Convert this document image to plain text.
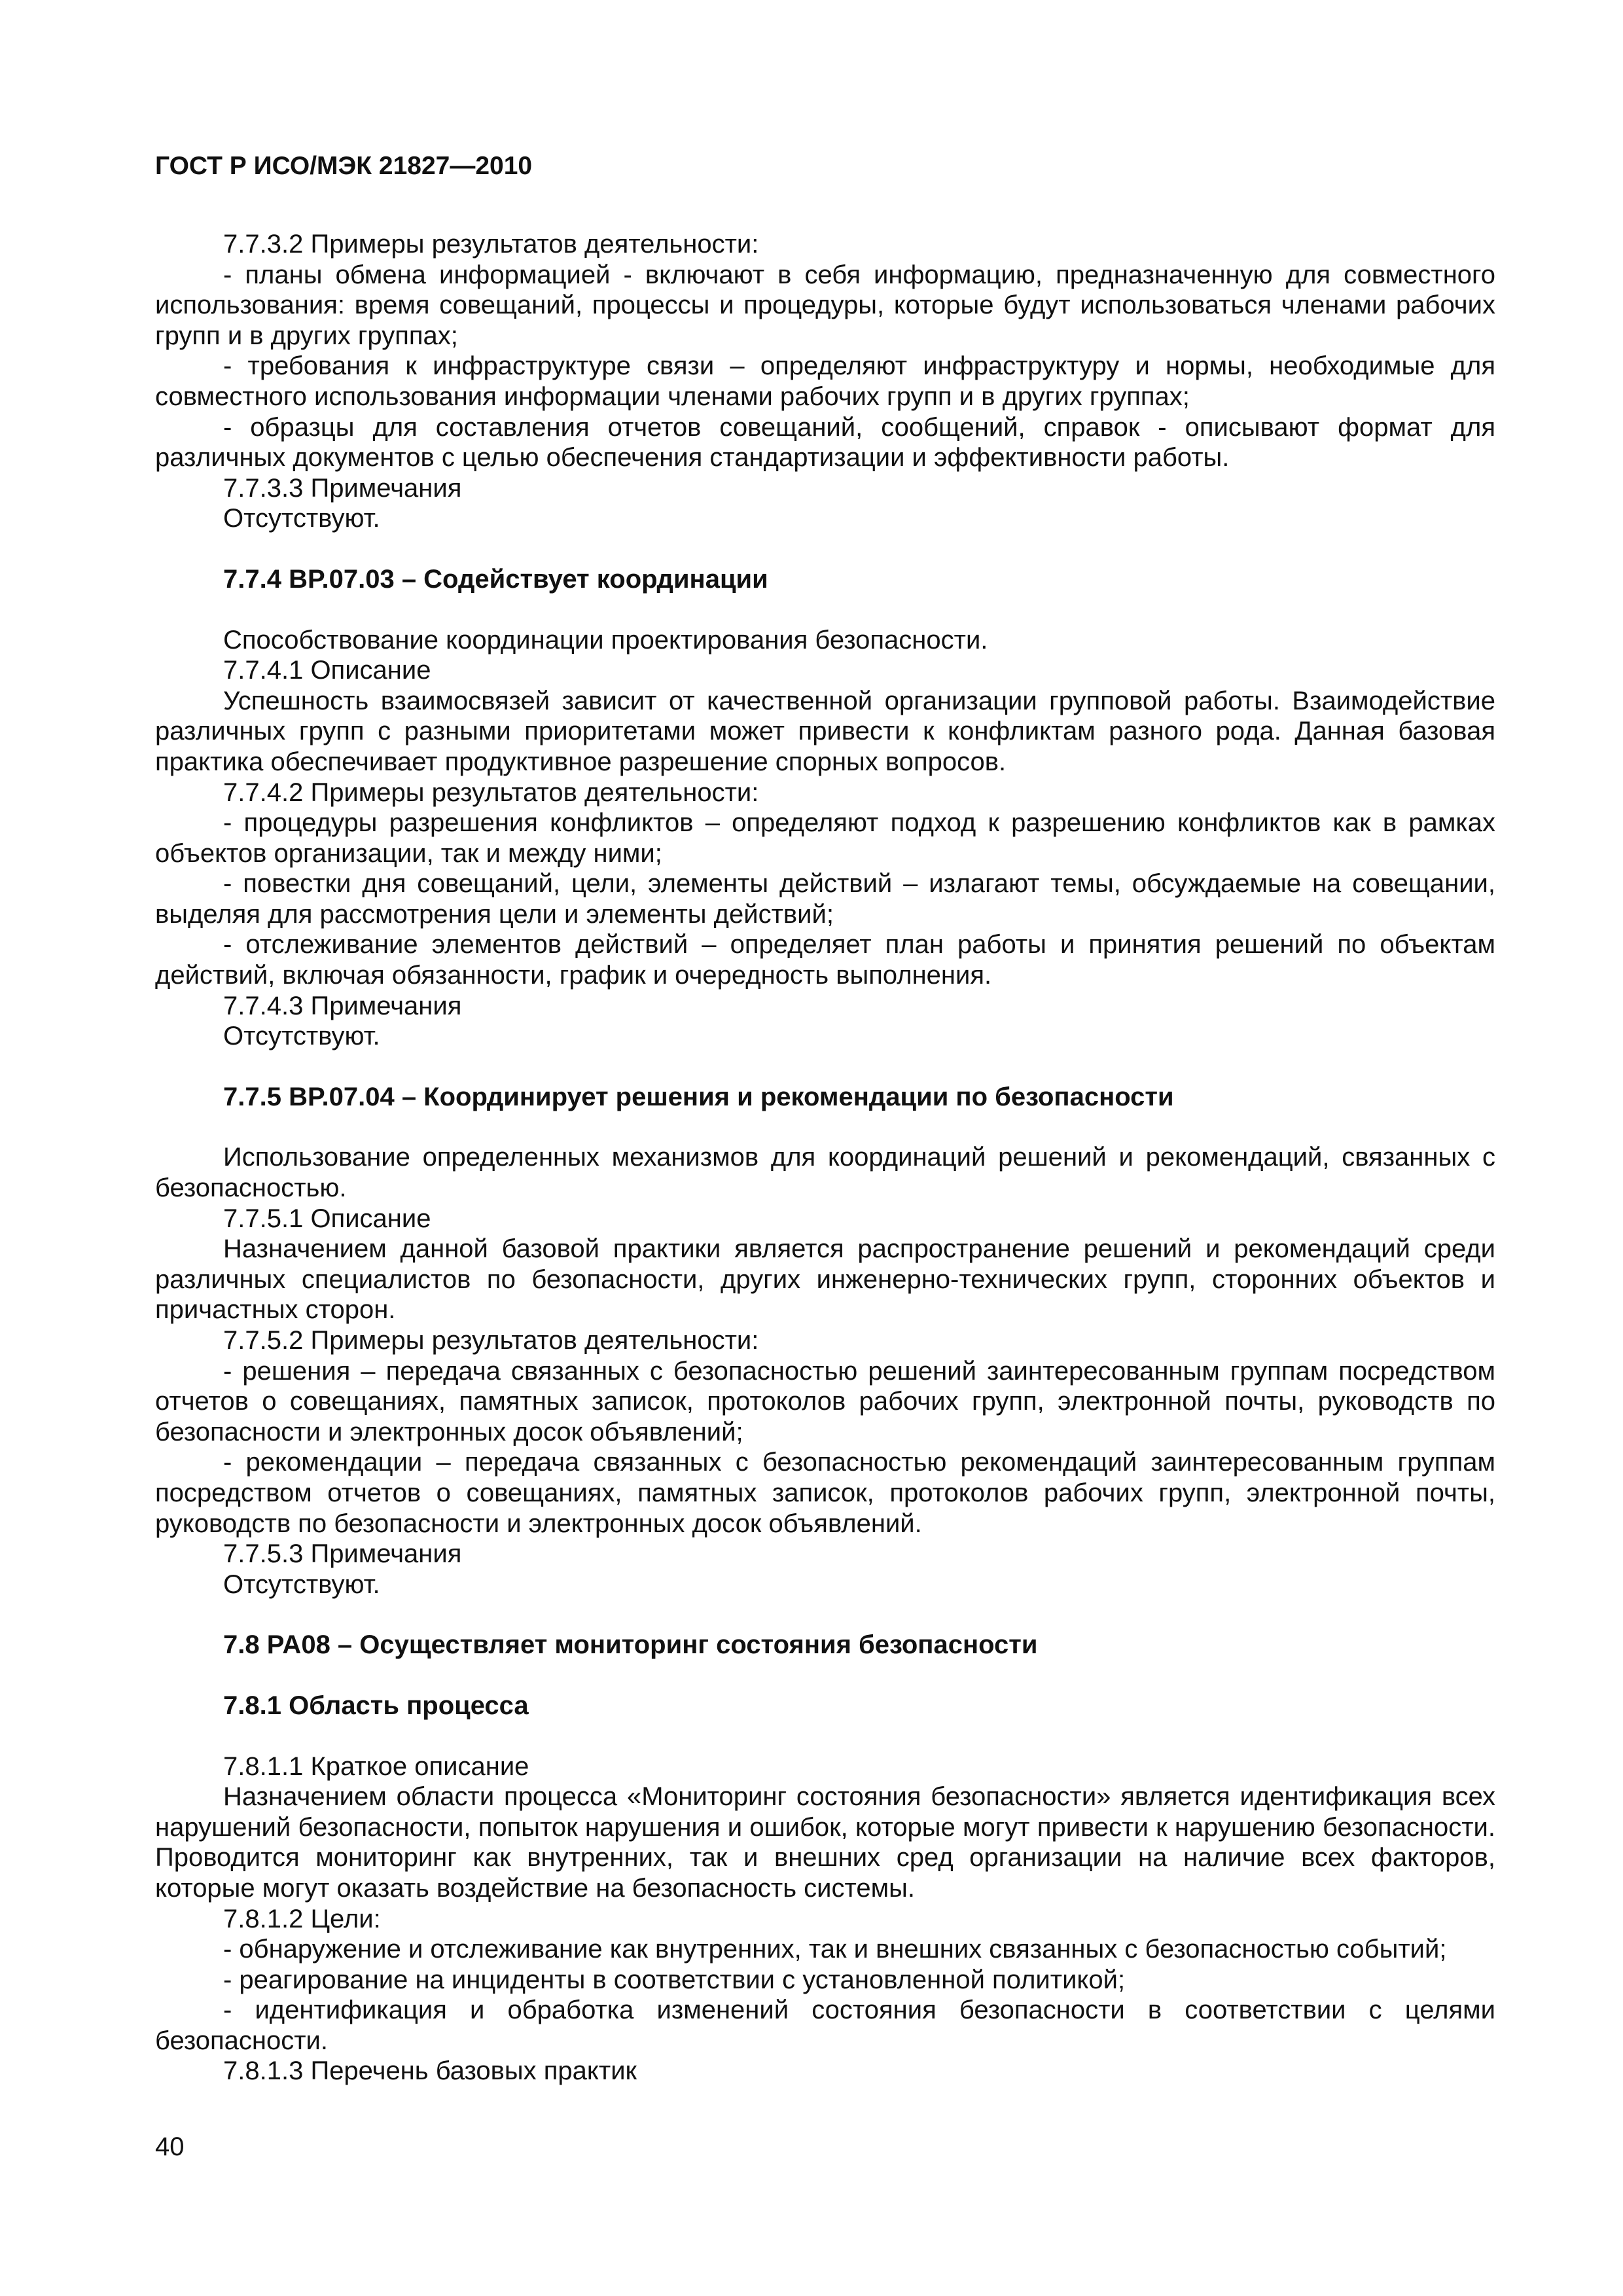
ГОСТ Р ИСО/МЭК 21827—2010

7.7.3.2 Примеры результатов деятельности:

- планы обмена информацией - включают в себя информацию, предназначенную для совместного использования: время совещаний, процессы и процедуры, которые будут использоваться членами рабочих групп и в других группах;

- требования к инфраструктуре связи – определяют инфраструктуру и нормы, необходимые для совместного использования информации членами рабочих групп и в других группах;

- образцы для составления отчетов совещаний, сообщений, справок - описывают формат для различных документов с целью обеспечения стандартизации и эффективности работы.

7.7.3.3 Примечания

Отсутствуют.

7.7.4 BP.07.03 – Содействует координации

Способствование координации проектирования безопасности.

7.7.4.1 Описание

Успешность взаимосвязей зависит от качественной организации групповой работы. Взаимодействие различных групп с разными приоритетами может привести к конфликтам разного рода. Данная базовая практика обеспечивает продуктивное разрешение спорных вопросов.

7.7.4.2 Примеры результатов деятельности:

- процедуры разрешения конфликтов – определяют подход к разрешению конфликтов как в рамках объектов организации, так и между ними;

- повестки дня совещаний, цели, элементы действий – излагают темы, обсуждаемые на совещании, выделяя для рассмотрения цели и элементы действий;

- отслеживание элементов действий – определяет план работы и принятия решений по объектам действий, включая обязанности, график и очередность выполнения.

7.7.4.3 Примечания

Отсутствуют.

7.7.5 BP.07.04 – Координирует решения и рекомендации по безопасности

Использование определенных механизмов для координаций решений и рекомендаций, связанных с безопасностью.

7.7.5.1 Описание

Назначением данной базовой практики является распространение решений и рекомендаций среди различных специалистов по безопасности, других инженерно-технических групп, сторонних объектов и причастных сторон.

7.7.5.2 Примеры результатов деятельности:

- решения – передача связанных с безопасностью решений заинтересованным группам посредством отчетов о совещаниях, памятных записок, протоколов рабочих групп, электронной почты, руководств по безопасности и электронных досок объявлений;

- рекомендации – передача связанных с безопасностью рекомендаций заинтересованным группам посредством отчетов о совещаниях, памятных записок, протоколов рабочих групп, электронной почты, руководств по безопасности и электронных досок объявлений.

7.7.5.3 Примечания

Отсутствуют.

7.8 PA08 – Осуществляет мониторинг состояния безопасности
7.8.1 Область процесса

7.8.1.1 Краткое описание

Назначением области процесса «Мониторинг состояния безопасности» является идентификация всех нарушений безопасности, попыток нарушения и ошибок, которые могут привести к нарушению безопасности. Проводится мониторинг как внутренних, так и внешних сред организации на наличие всех факторов, которые могут оказать воздействие на безопасность системы.

7.8.1.2 Цели:

- обнаружение и отслеживание как внутренних, так и внешних связанных с безопасностью событий;

- реагирование на инциденты в соответствии с установленной политикой;

- идентификация и обработка изменений состояния безопасности в соответствии с целями безопасности.

7.8.1.3 Перечень базовых практик

40
